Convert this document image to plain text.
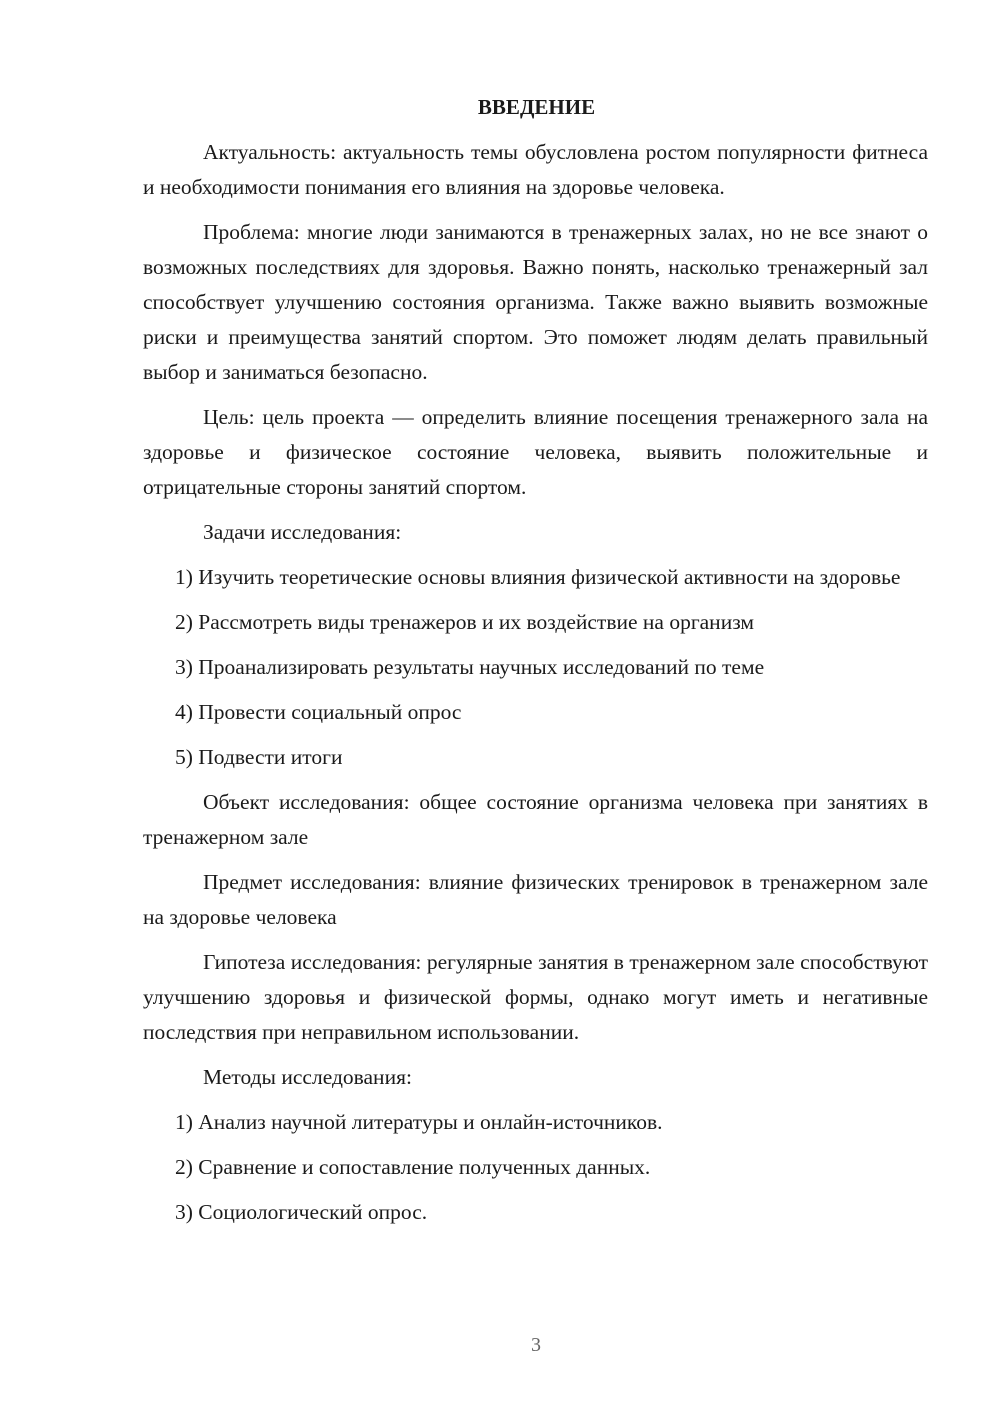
ВВЕДЕНИЕ

Актуальность: актуальность темы обусловлена ростом популярности фитнеса и необходимости понимания его влияния на здоровье человека.

Проблема: многие люди занимаются в тренажерных залах, но не все знают о возможных последствиях для здоровья. Важно понять, насколько тренажерный зал способствует улучшению состояния организма. Также важно выявить возможные риски и преимущества занятий спортом. Это поможет людям делать правильный выбор и заниматься безопасно.

Цель: цель проекта — определить влияние посещения тренажерного зала на здоровье и физическое состояние человека, выявить положительные и отрицательные стороны занятий спортом.

Задачи исследования:

1) Изучить теоретические основы влияния физической активности на здоровье

2) Рассмотреть виды тренажеров и их воздействие на организм

3) Проанализировать результаты научных исследований по теме

4) Провести социальный опрос

5) Подвести итоги

Объект исследования: общее состояние организма человека при занятиях в тренажерном зале

Предмет исследования: влияние физических тренировок в тренажерном зале на здоровье человека

Гипотеза исследования: регулярные занятия в тренажерном зале способствуют улучшению здоровья и физической формы, однако могут иметь и негативные последствия при неправильном использовании.

Методы исследования:

1) Анализ научной литературы и онлайн-источников.

2) Сравнение и сопоставление полученных данных.

3) Социологический опрос.

3
